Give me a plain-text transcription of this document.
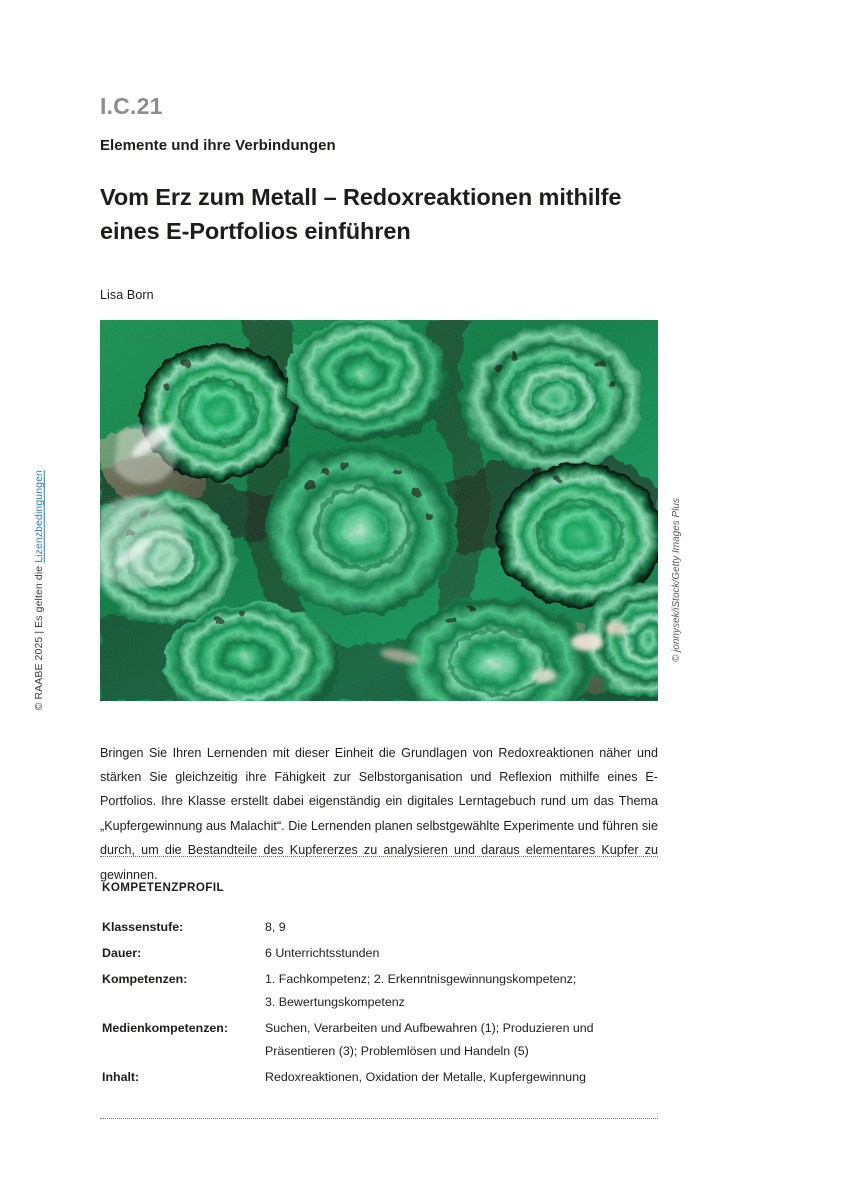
© RAABE 2025 | Es gelten die Lizenzbedingungen
I.C.21
Elemente und ihre Verbindungen
Vom Erz zum Metall – Redoxreaktionen mithilfe eines E-Portfolios einführen
Lisa Born
© jonnysek/iStock/Getty Images Plus

Bringen Sie Ihren Lernenden mit dieser Einheit die Grundlagen von Redoxreaktionen näher und stärken Sie gleichzeitig ihre Fähigkeit zur Selbstorganisation und Reflexion mithilfe eines E-Portfolios. Ihre Klasse erstellt dabei eigenständig ein digitales Lerntagebuch rund um das Thema „Kupfergewinnung aus Malachit“. Die Lernenden planen selbstgewählte Experimente und führen sie durch, um die Bestandteile des Kupfererzes zu analysieren und daraus elementares Kupfer zu gewinnen.

KOMPETENZPROFIL
Klassenstufe:	8, 9

Dauer:	6 Unterrichtsstunden

Kompetenzen:	1. Fachkompetenz; 2. Erkenntnisgewinnungskompetenz;
3. Bewertungskompetenz

Medienkompetenzen:	Suchen, Verarbeiten und Aufbewahren (1); Produzieren und
Präsentieren (3); Problemlösen und Handeln (5)

Inhalt:	Redoxreaktionen, Oxidation der Metalle, Kupfergewinnung
